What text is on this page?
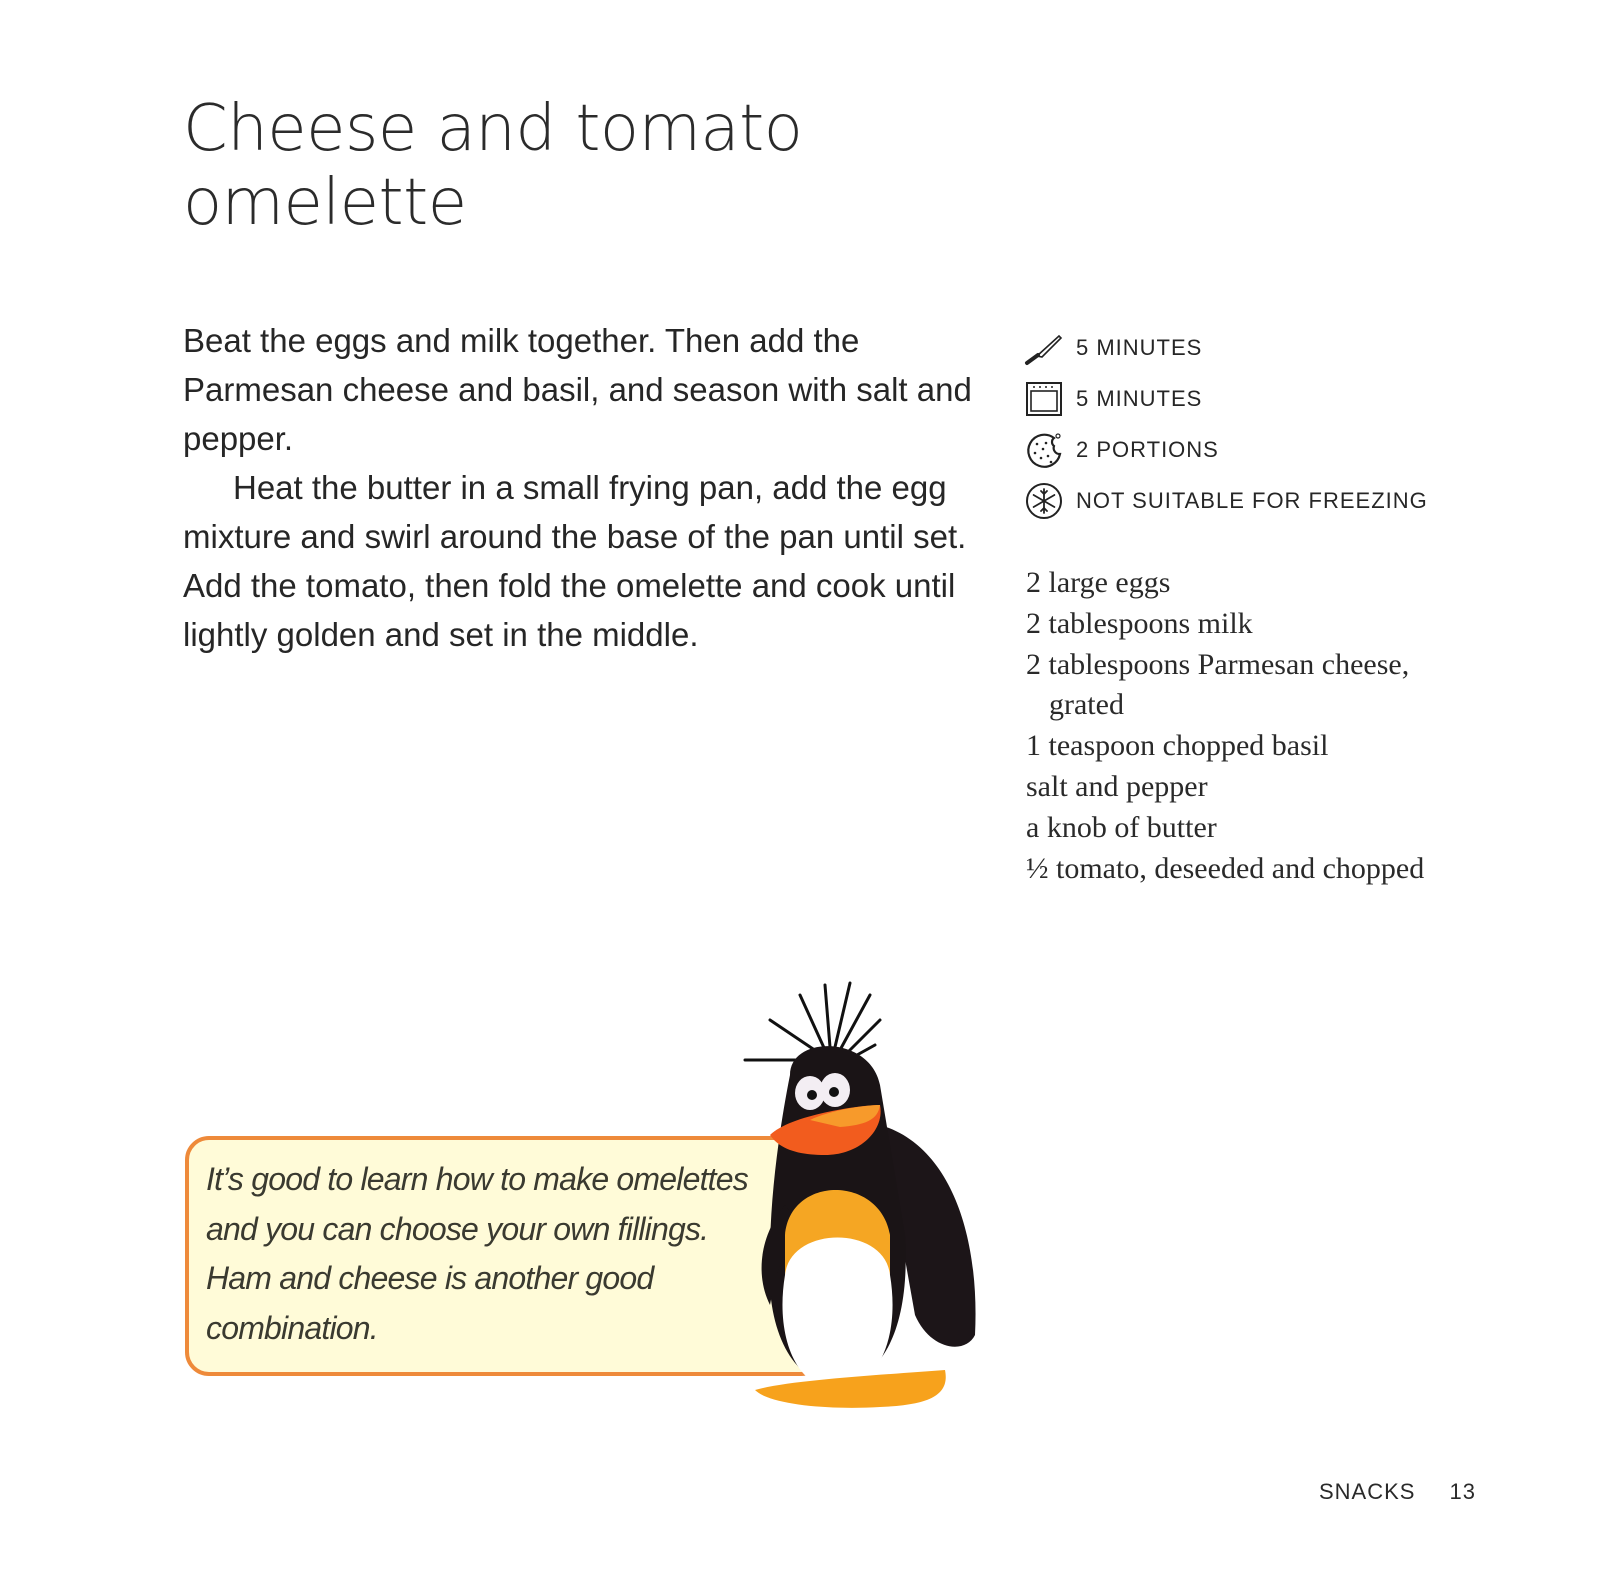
Cheese and tomato
omelette

Beat the eggs and milk together. Then add the Parmesan cheese and basil, and season with salt and pepper.

Heat the butter in a small frying pan, add the egg mixture and swirl around the base of the pan until set. Add the tomato, then fold the omelette and cook until lightly golden and set in the middle.

5 MINUTES
5 MINUTES
2 PORTIONS
NOT SUITABLE FOR FREEZING
2 large eggs
2 tablespoons milk
2 tablespoons Parmesan cheese, grated
1 teaspoon chopped basil
salt and pepper
a knob of butter
½ tomato, deseeded and chopped
It’s good to learn how to make omelettes and you can choose your own fillings. Ham and cheese is another good combination.
SNACKS 13
